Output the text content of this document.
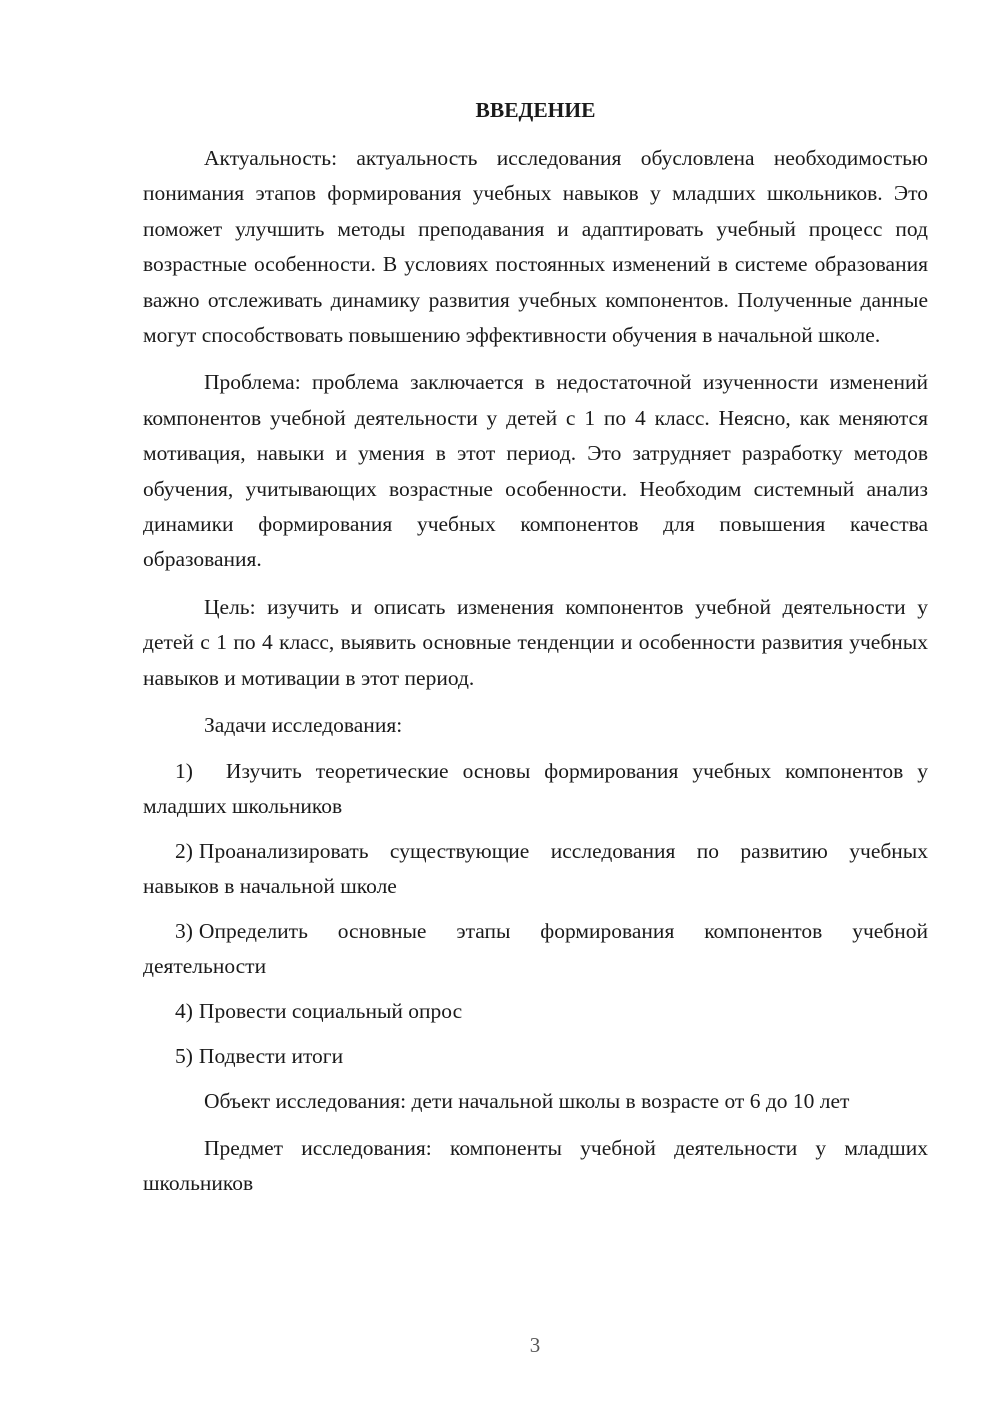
ВВЕДЕНИЕ

Актуальность: актуальность исследования обусловлена необходимостью понимания этапов формирования учебных навыков у младших школьников. Это поможет улучшить методы преподавания и адаптировать учебный процесс под возрастные особенности. В условиях постоянных изменений в системе образования важно отслеживать динамику развития учебных компонентов. Полученные данные могут способствовать повышению эффективности обучения в начальной школе.

Проблема: проблема заключается в недостаточной изученности изменений компонентов учебной деятельности у детей с 1 по 4 класс. Неясно, как меняются мотивация, навыки и умения в этот период. Это затрудняет разработку методов обучения, учитывающих возрастные особенности. Необходим системный анализ динамики формирования учебных компонентов для повышения качества образования.

Цель: изучить и описать изменения компонентов учебной деятельности у детей с 1 по 4 класс, выявить основные тенденции и особенности развития учебных навыков и мотивации в этот период.

Задачи исследования:

1) Изучить теоретические основы формирования учебных компонентов у младших школьников

2) Проанализировать существующие исследования по развитию учебных навыков в начальной школе

3) Определить основные этапы формирования компонентов учебной деятельности

4) Провести социальный опрос

5) Подвести итоги

Объект исследования: дети начальной школы в возрасте от 6 до 10 лет

Предмет исследования: компоненты учебной деятельности у младших школьников

3
